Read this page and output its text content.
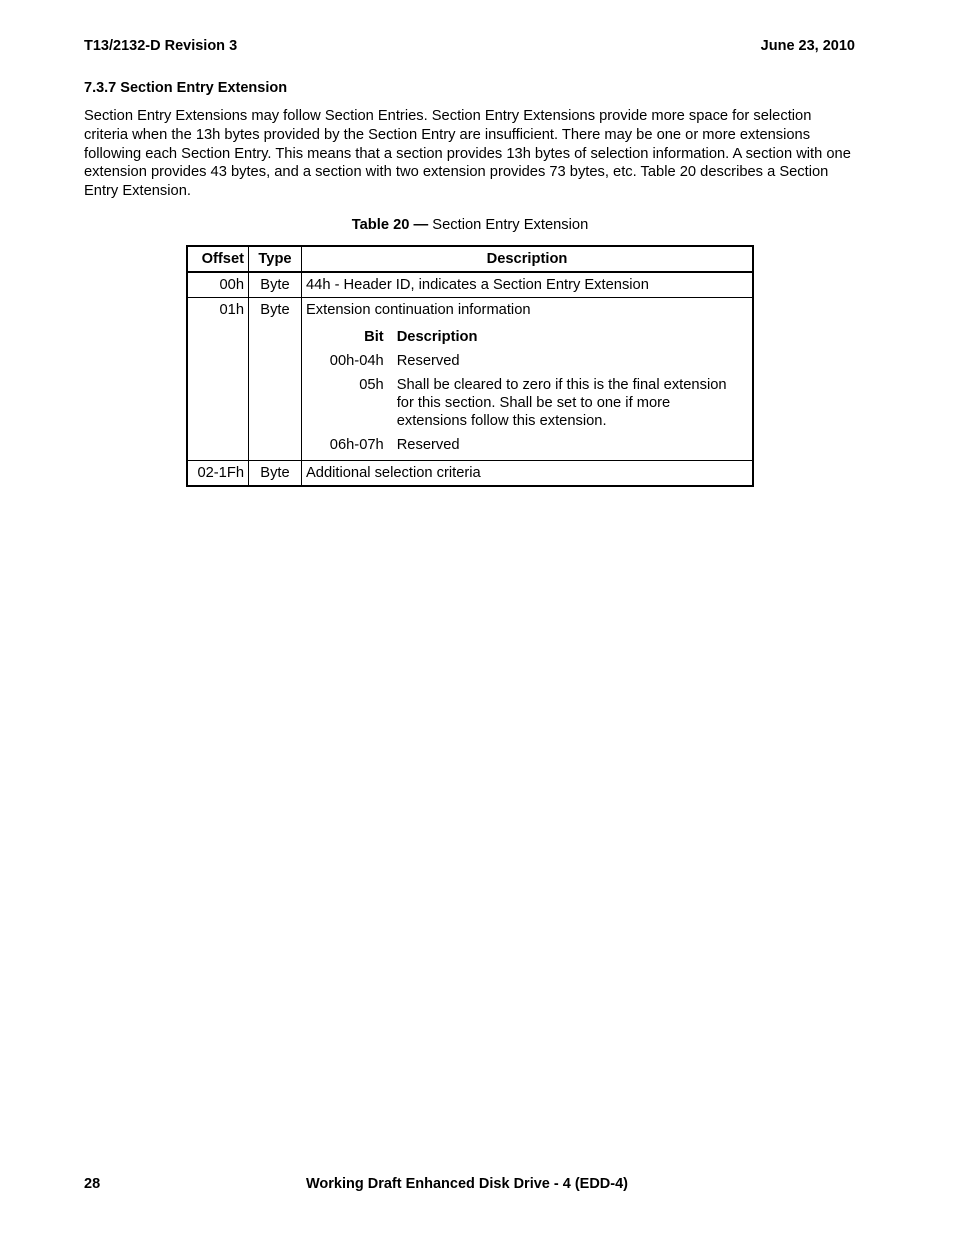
T13/2132-D Revision 3	June 23, 2010
7.3.7 Section Entry Extension
Section Entry Extensions may follow Section Entries. Section Entry Extensions provide more space for selection criteria when the 13h bytes provided by the Section Entry are insufficient. There may be one or more extensions following each Section Entry. This means that a section provides 13h bytes of selection information. A section with one extension provides 43 bytes, and a section with two extension provides 73 bytes, etc. Table 20 describes a Section Entry Extension.
Table 20 — Section Entry Extension
Offset	Type	Description
00h	Byte	44h - Header ID, indicates a Section Entry Extension
01h	Byte	Extension continuation information
Bit	Description
00h-04h	Reserved
05h	Shall be cleared to zero if this is the final extension for this section. Shall be set to one if more extensions follow this extension.
06h-07h	Reserved

02-1Fh	Byte	Additional selection criteria
28	Working Draft Enhanced Disk Drive - 4 (EDD-4)
